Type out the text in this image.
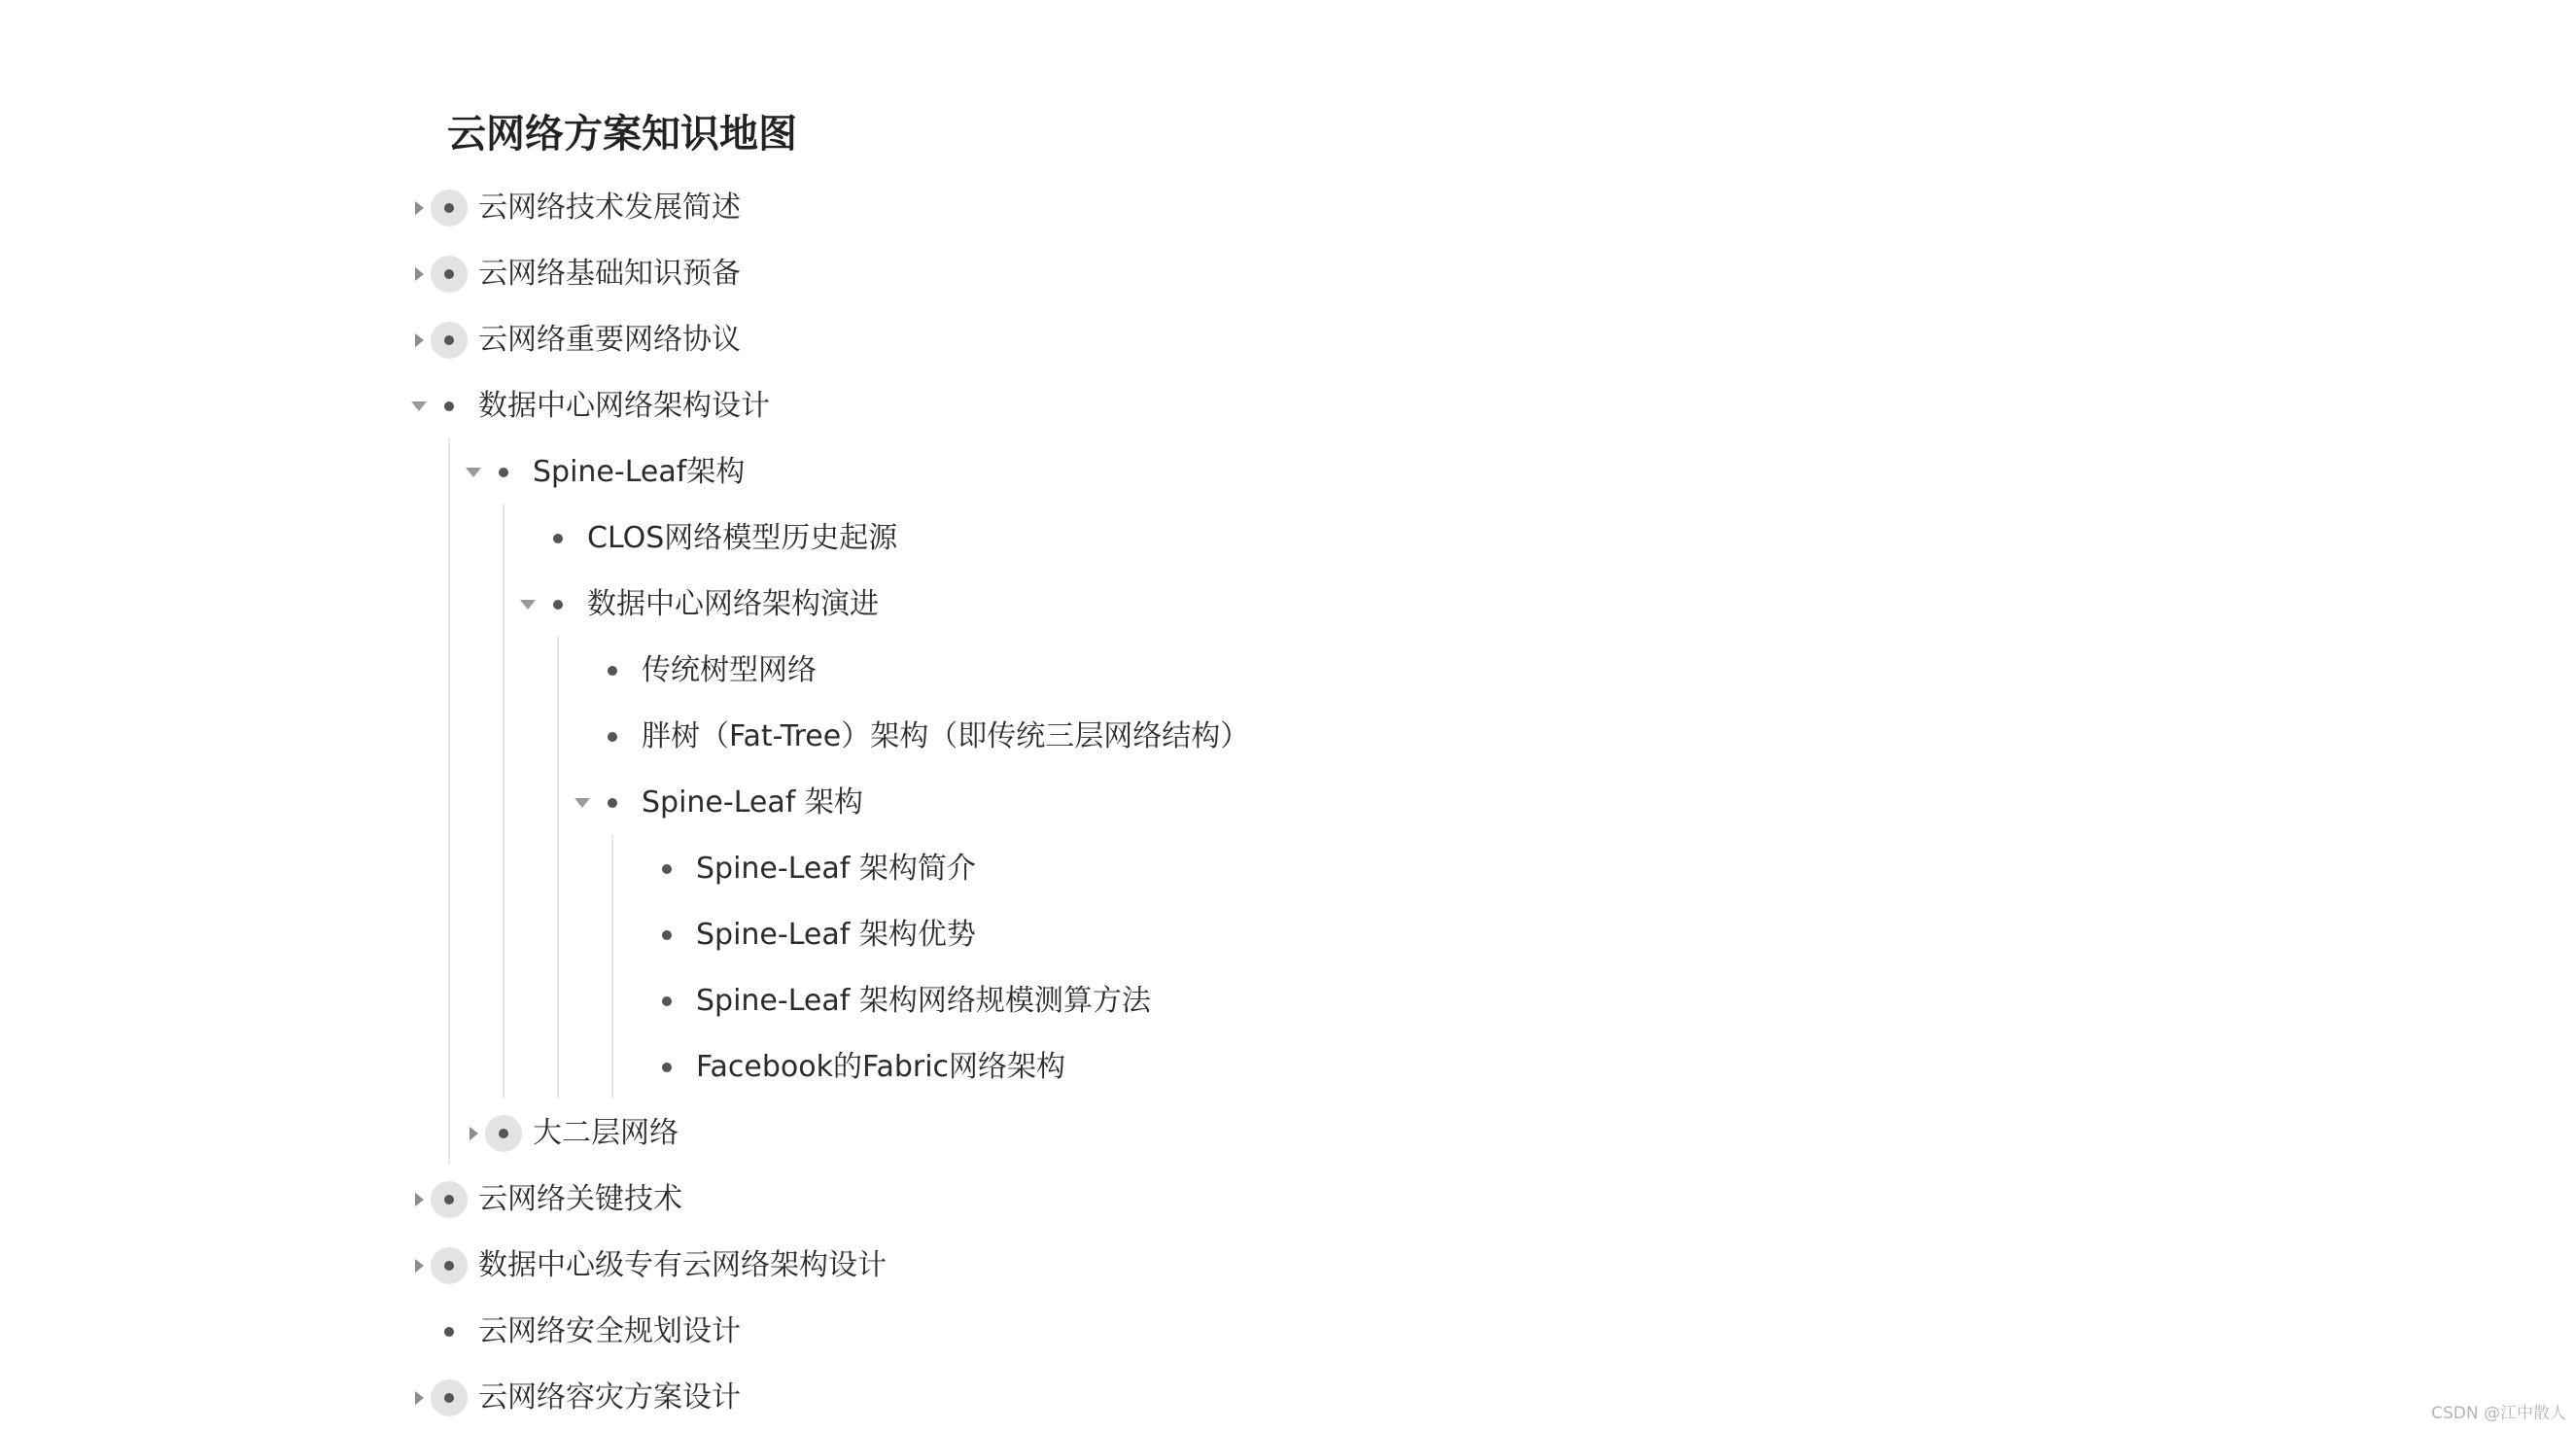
云网络方案知识地图
云网络技术发展简述
云网络基础知识预备
云网络重要网络协议
数据中心网络架构设计
Spine-Leaf架构
CLOS网络模型历史起源
数据中心网络架构演进
传统树型网络
胖树（Fat-Tree）架构（即传统三层网络结构）
Spine-Leaf 架构
Spine-Leaf 架构简介
Spine-Leaf 架构优势
Spine-Leaf 架构网络规模测算方法
Facebook的Fabric网络架构
大二层网络
云网络关键技术
数据中心级专有云网络架构设计
云网络安全规划设计
云网络容灾方案设计	CSDN @江中散人
